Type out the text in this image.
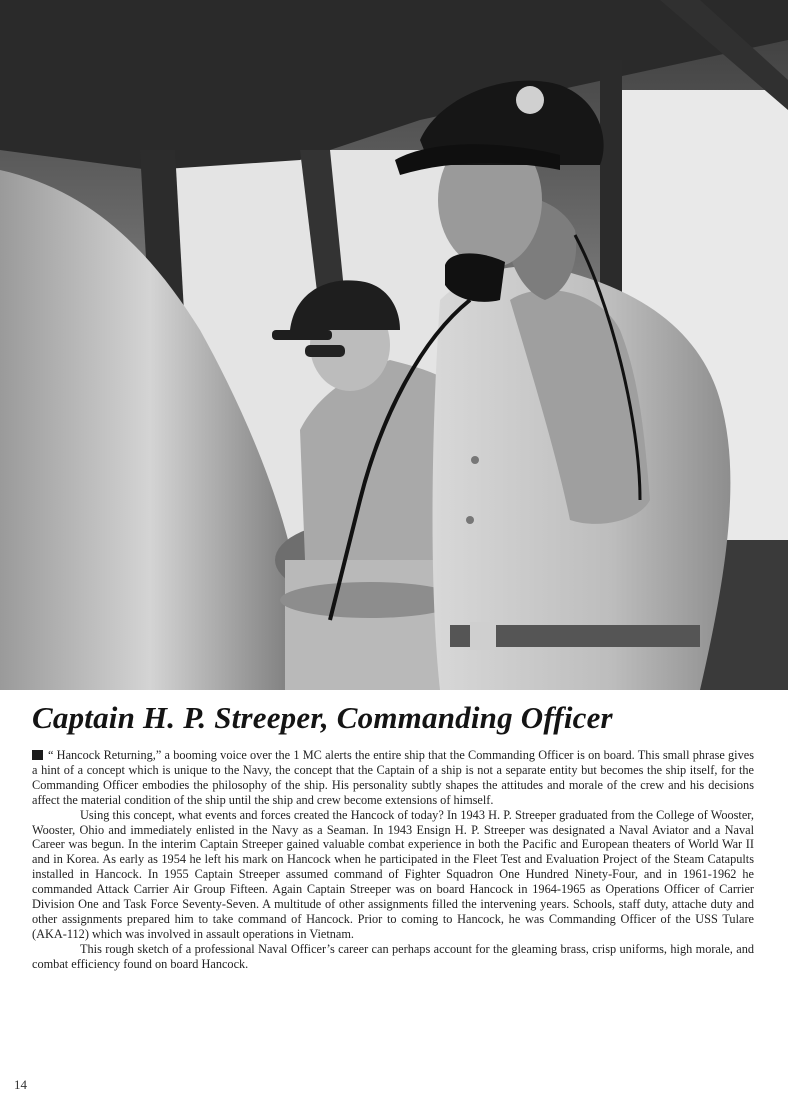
Captain H. P. Streeper, Commanding Officer

“ Hancock Returning,” a booming voice over the 1 MC alerts the entire ship that the Commanding Officer is on board. This small phrase gives a hint of a concept which is unique to the Navy, the concept that the Captain of a ship is not a separate entity but becomes the ship itself, for the Commanding Officer embodies the philosophy of the ship. His personality subtly shapes the attitudes and morale of the crew and his decisions affect the material condition of the ship until the ship and crew become extensions of himself.

Using this concept, what events and forces created the Hancock of today? In 1943 H. P. Streeper graduated from the College of Wooster, Wooster, Ohio and immediately enlisted in the Navy as a Seaman. In 1943 Ensign H. P. Streeper was designated a Naval Aviator and a Naval Career was begun. In the interim Captain Streeper gained valuable combat experience in both the Pacific and European theaters of World War II and in Korea. As early as 1954 he left his mark on Hancock when he participated in the Fleet Test and Evaluation Project of the Steam Catapults installed in Hancock. In 1955 Captain Streeper assumed command of Fighter Squadron One Hundred Ninety-Four, and in 1961-1962 he commanded Attack Carrier Air Group Fifteen. Again Captain Streeper was on board Hancock in 1964-1965 as Operations Officer of Carrier Division One and Task Force Seventy-Seven. A multitude of other assignments filled the intervening years. Schools, staff duty, attache duty and other assignments prepared him to take command of Hancock. Prior to coming to Hancock, he was Commanding Officer of the USS Tulare (AKA-112) which was involved in assault operations in Vietnam.

This rough sketch of a professional Naval Officer’s career can perhaps account for the gleaming brass, crisp uniforms, high morale, and combat efficiency found on board Hancock.

14
